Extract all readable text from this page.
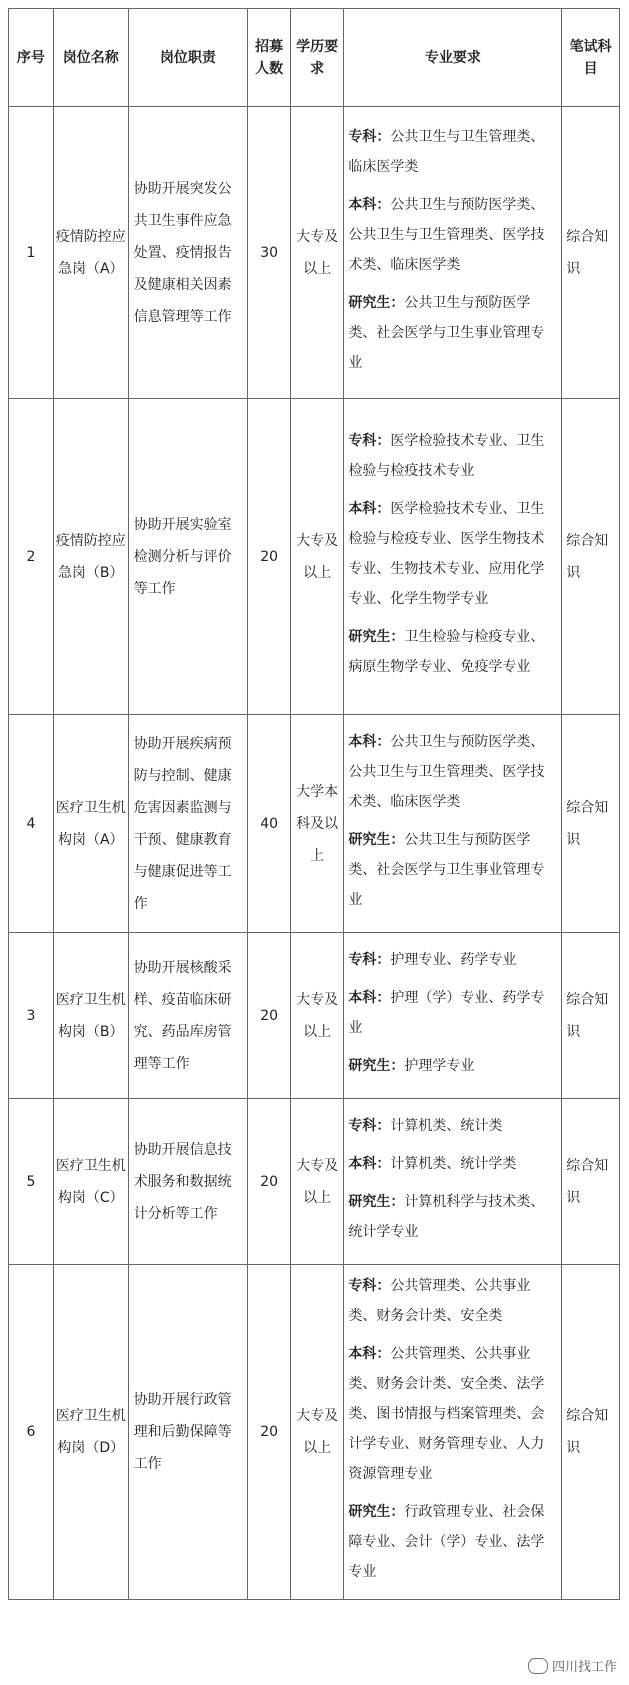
序号	岗位名称	岗位职责	招募人数	学历要求	专业要求	笔试科目
1	疫情防控应急岗（A）	协助开展突发公共卫生事件应急处置、疫情报告及健康相关因素信息管理等工作	30	大专及以上	专科：公共卫生与卫生管理类、临床医学类
本科：公共卫生与预防医学类、公共卫生与卫生管理类、医学技术类、临床医学类
研究生：公共卫生与预防医学类、社会医学与卫生事业管理专业	综合知识
2	疫情防控应急岗（B）	协助开展实验室检测分析与评价等工作	20	大专及以上	专科：医学检验技术专业、卫生检验与检疫技术专业
本科：医学检验技术专业、卫生检验与检疫专业、医学生物技术专业、生物技术专业、应用化学专业、化学生物学专业
研究生：卫生检验与检疫专业、病原生物学专业、免疫学专业	综合知识
4	医疗卫生机构岗（A）	协助开展疾病预防与控制、健康危害因素监测与干预、健康教育与健康促进等工作	40	大学本科及以上	本科：公共卫生与预防医学类、公共卫生与卫生管理类、医学技术类、临床医学类
研究生：公共卫生与预防医学类、社会医学与卫生事业管理专业	综合知识
3	医疗卫生机构岗（B）	协助开展核酸采样、疫苗临床研究、药品库房管理等工作	20	大专及以上	专科：护理专业、药学专业
本科：护理（学）专业、药学专业
研究生：护理学专业	综合知识
5	医疗卫生机构岗（C）	协助开展信息技术服务和数据统计分析等工作	20	大专及以上	专科：计算机类、统计类
本科：计算机类、统计学类
研究生：计算机科学与技术类、统计学专业	综合知识
6	医疗卫生机构岗（D）	协助开展行政管理和后勤保障等工作	20	大专及以上	专科：公共管理类、公共事业类、财务会计类、安全类
本科：公共管理类、公共事业类、财务会计类、安全类、法学类、图书情报与档案管理类、会计学专业、财务管理专业、人力资源管理专业
研究生：行政管理专业、社会保障专业、会计（学）专业、法学专业	综合知识
四川找工作
